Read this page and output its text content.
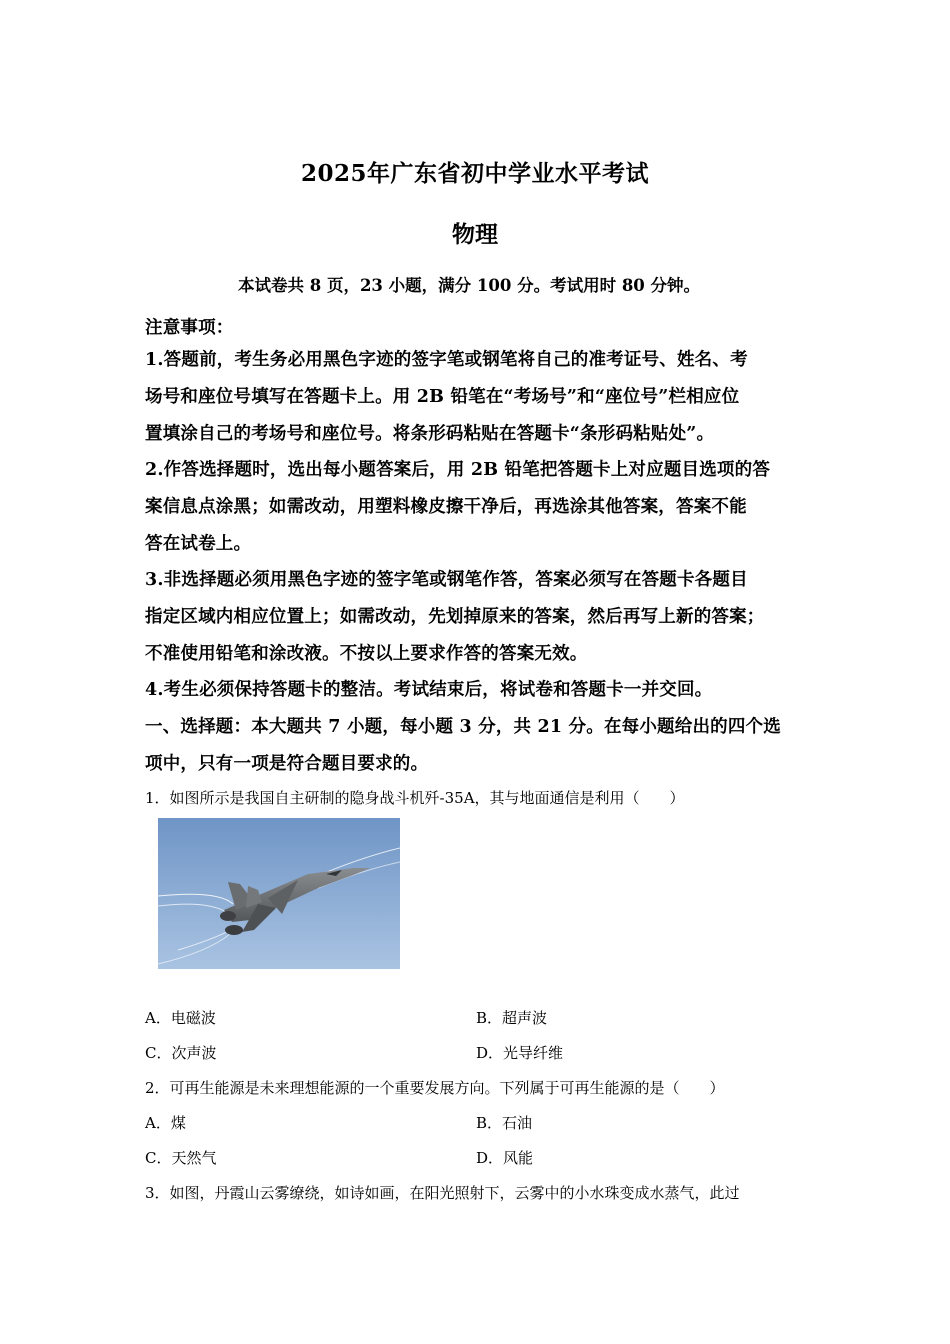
2025年广东省初中学业水平考试
物理
本试卷共 8 页，23 小题，满分 100 分。考试用时 80 分钟。
注意事项：
1.答题前，考生务必用黑色字迹的签字笔或钢笔将自己的准考证号、姓名、考
场号和座位号填写在答题卡上。用 2B 铅笔在“考场号”和“座位号”栏相应位
置填涂自己的考场号和座位号。将条形码粘贴在答题卡“条形码粘贴处”。
2.作答选择题时，选出每小题答案后，用 2B 铅笔把答题卡上对应题目选项的答
案信息点涂黑；如需改动，用塑料橡皮擦干净后，再选涂其他答案，答案不能
答在试卷上。
3.非选择题必须用黑色字迹的签字笔或钢笔作答，答案必须写在答题卡各题目
指定区域内相应位置上；如需改动，先划掉原来的答案，然后再写上新的答案；
不准使用铅笔和涂改液。不按以上要求作答的答案无效。
4.考生必须保持答题卡的整洁。考试结束后，将试卷和答题卡一并交回。
一、选择题：本大题共 7 小题，每小题 3 分，共 21 分。在每小题给出的四个选
项中，只有一项是符合题目要求的。
1．如图所示是我国自主研制的隐身战斗机歼-35A，其与地面通信是利用（　　）
A．电磁波	B．超声波
C．次声波	D．光导纤维
2．可再生能源是未来理想能源的一个重要发展方向。下列属于可再生能源的是（　　）
A．煤	B．石油
C．天然气	D．风能
3．如图，丹霞山云雾缭绕，如诗如画，在阳光照射下，云雾中的小水珠变成水蒸气，此过
